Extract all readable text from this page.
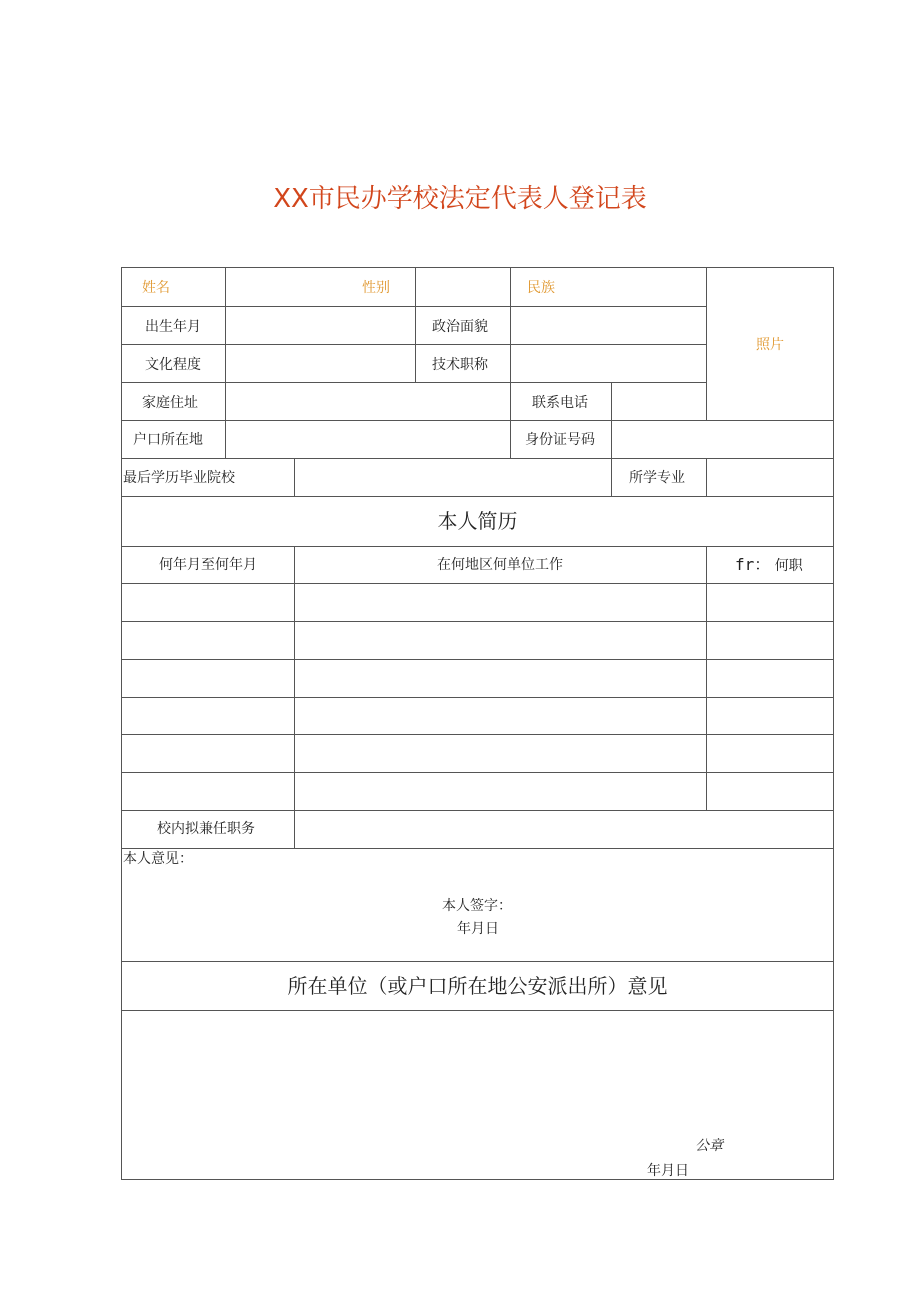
XX市民办学校法定代表人登记表
姓名	性别	民族
照片
出生年月	政治面貌
文化程度	技术职称
家庭住址	联系电话
户口所在地	身份证号码
最后学历毕业院校	所学专业
本人简历
何年月至何年月	在何地区何单位工作	fr： 何职
校内拟兼任职务
本人意见：
本人签字：
年月日
所在单位（或户口所在地公安派出所）意见
公章
年月日
